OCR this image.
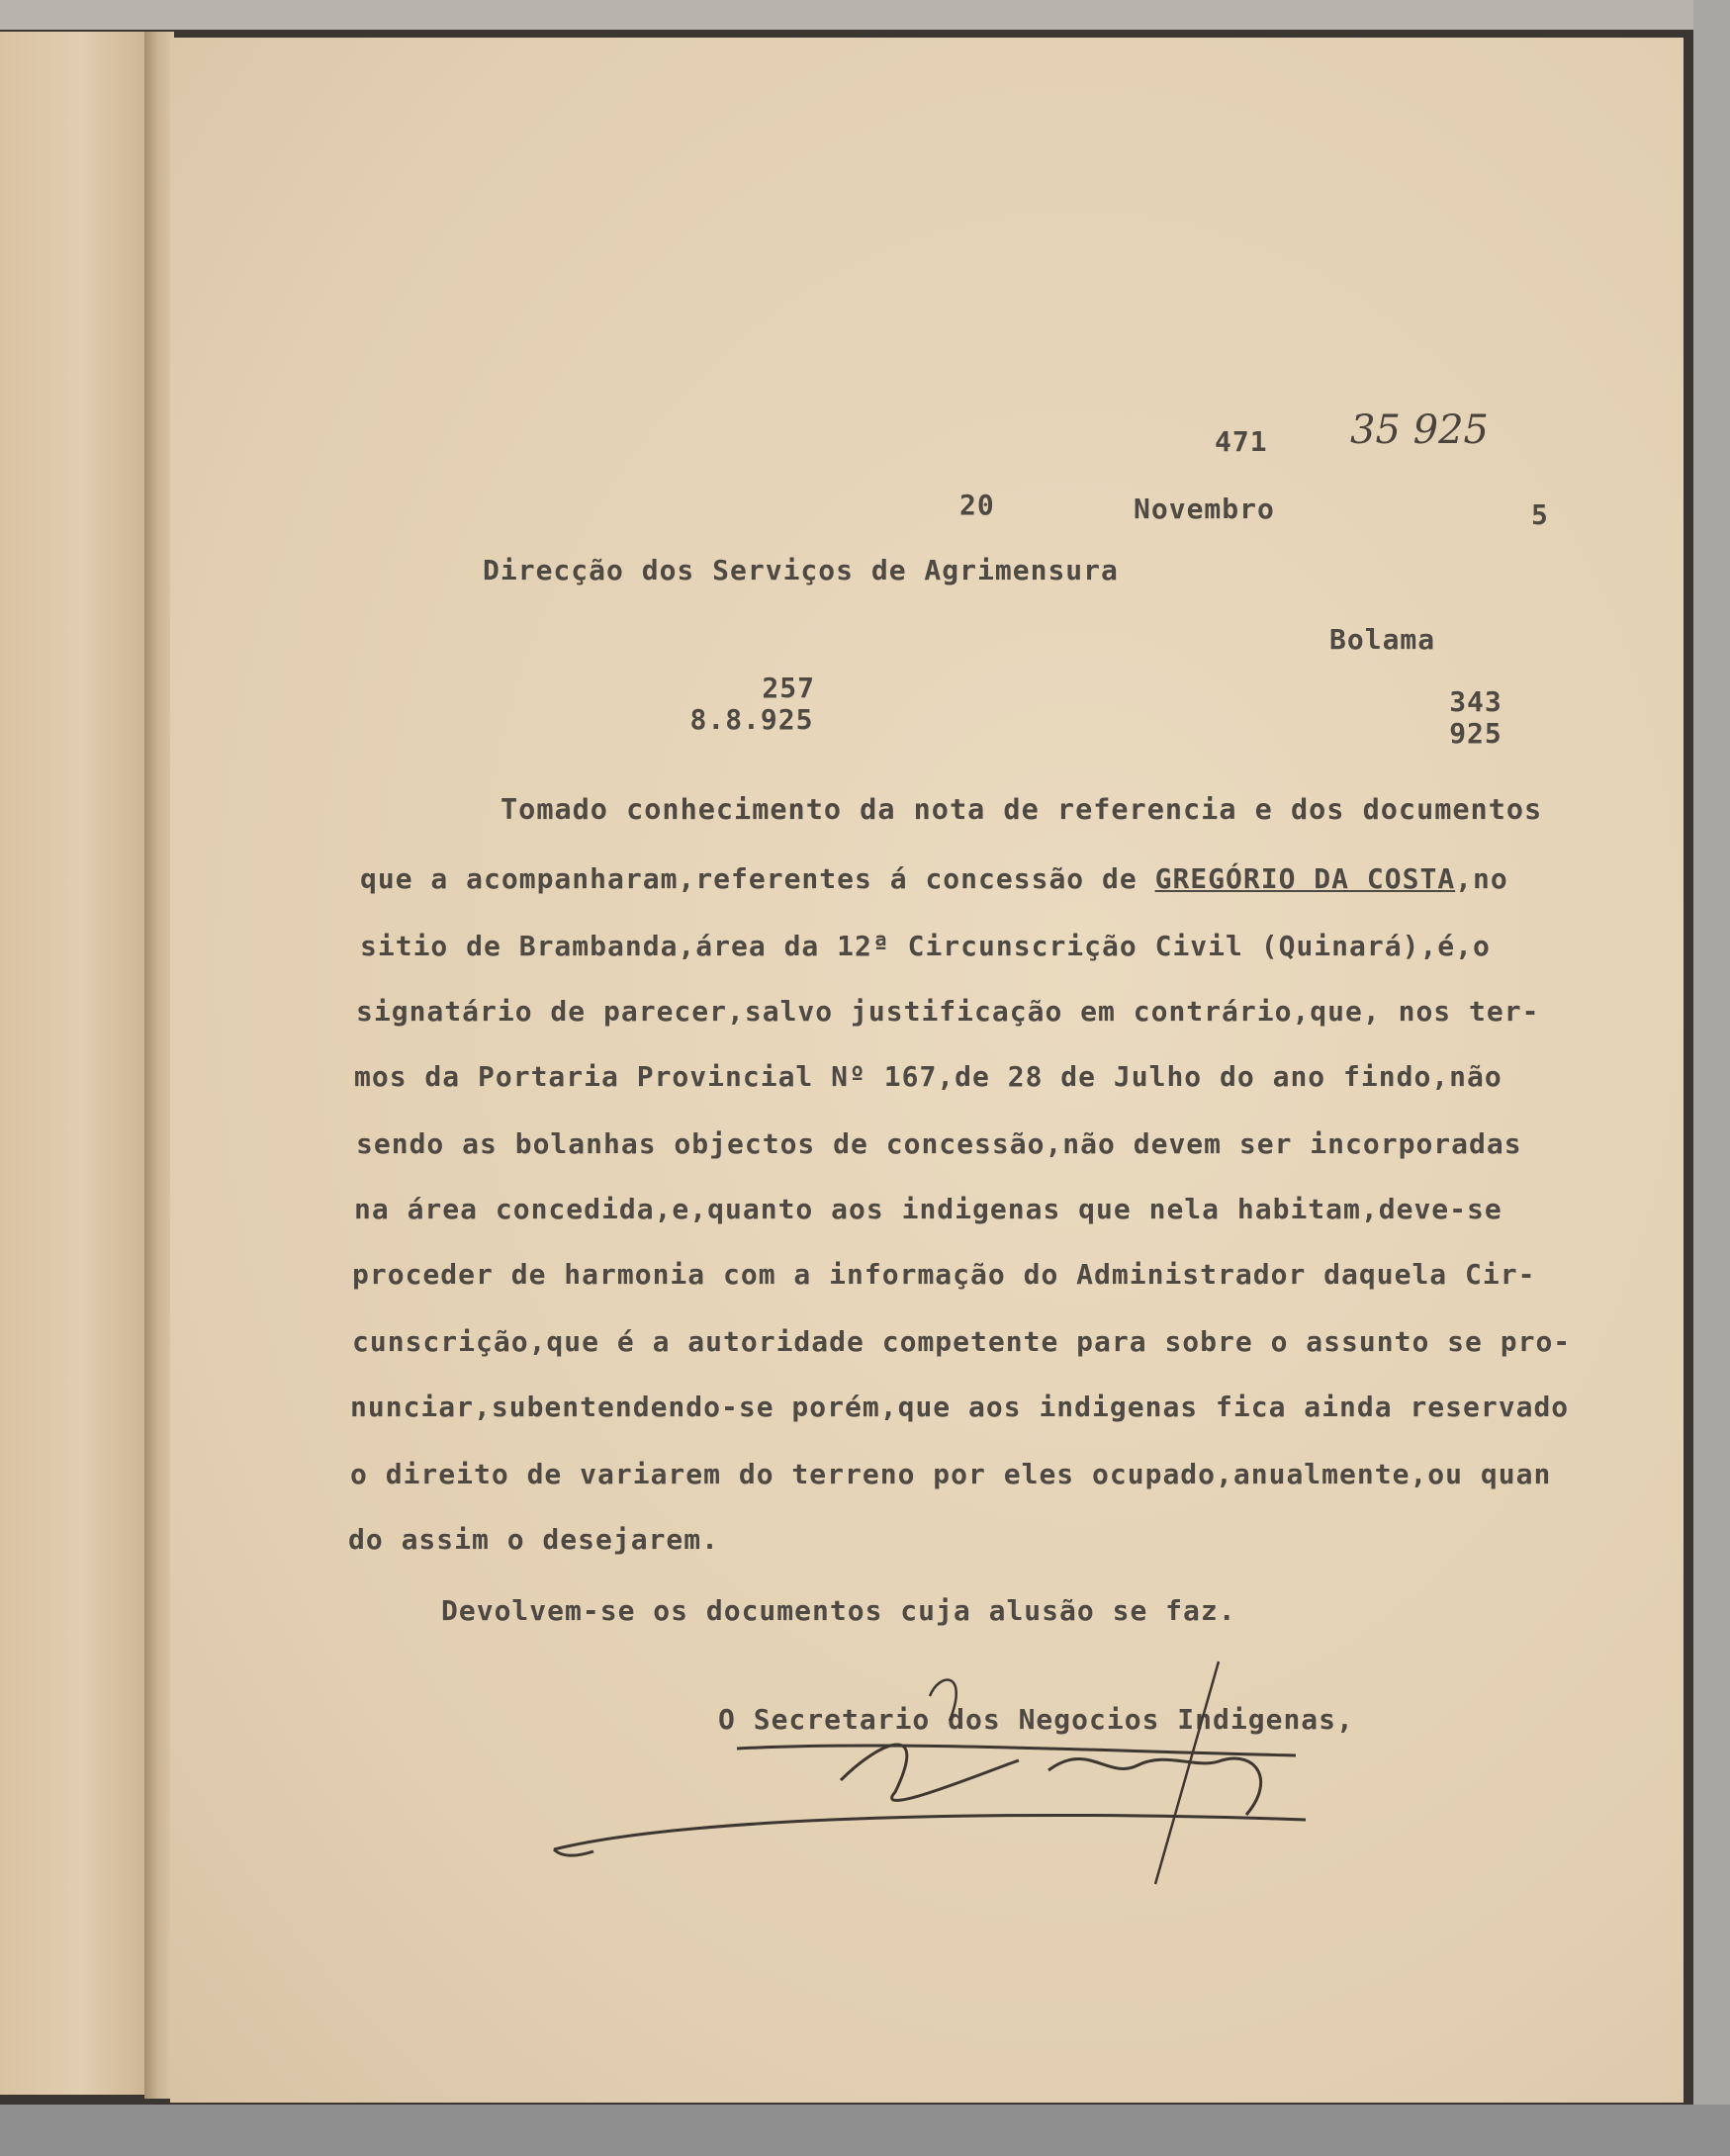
471 35 925
20	Novembro	5
Direcção dos Serviços de Agrimensura
Bolama
257
8.8.925
343
925
Tomado conhecimento da nota de referencia e dos documentos
que a acompanharam,referentes á concessão de GREGÓRIO DA COSTA,no
sitio de Brambanda,área da 12ª Circunscrição Civil (Quinará),é,o
signatário de parecer,salvo justificação em contrário,que, nos ter-
mos da Portaria Provincial Nº 167,de 28 de Julho do ano findo,não
sendo as bolanhas objectos de concessão,não devem ser incorporadas
na área concedida,e,quanto aos indigenas que nela habitam,deve-se
proceder de harmonia com a informação do Administrador daquela Cir-
cunscrição,que é a autoridade competente para sobre o assunto se pro-
nunciar,subentendendo-se porém,que aos indigenas fica ainda reservado
o direito de variarem do terreno por eles ocupado,anualmente,ou quan
do assim o desejarem.
Devolvem-se os documentos cuja alusão se faz.
O Secretario dos Negocios Indigenas,
